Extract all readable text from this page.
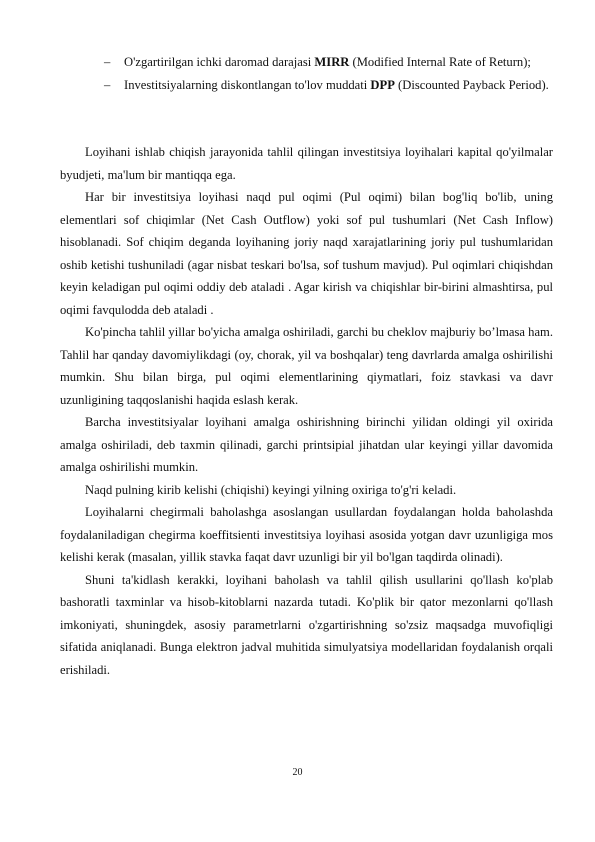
–	O'zgartirilgan ichki daromad darajasi MIRR (Modified Internal Rate of Return);
–	Investitsiyalarning diskontlangan to'lov muddati DPP (Discounted Payback Period).

Loyihani ishlab chiqish jarayonida tahlil qilingan investitsiya loyihalari kapital qo'yilmalar byudjeti, ma'lum bir mantiqqa ega.

Har bir investitsiya loyihasi naqd pul oqimi (Pul oqimi) bilan bog'liq bo'lib, uning elementlari sof chiqimlar (Net Cash Outflow) yoki sof pul tushumlari (Net Cash Inflow) hisoblanadi. Sof chiqim deganda loyihaning joriy naqd xarajatlarining joriy pul tushumlaridan oshib ketishi tushuniladi (agar nisbat teskari bo'lsa, sof tushum mavjud). Pul oqimlari chiqishdan keyin keladigan pul oqimi oddiy deb ataladi . Agar kirish va chiqishlar bir-birini almashtirsa, pul oqimi favqulodda deb ataladi .

Ko'pincha tahlil yillar bo'yicha amalga oshiriladi, garchi bu cheklov majburiy bo’lmasa ham. Tahlil har qanday davomiylikdagi (oy, chorak, yil va boshqalar) teng davrlarda amalga oshirilishi mumkin. Shu bilan birga, pul oqimi elementlarining qiymatlari, foiz stavkasi va davr uzunligining taqqoslanishi haqida eslash kerak.

Barcha investitsiyalar loyihani amalga oshirishning birinchi yilidan oldingi yil oxirida amalga oshiriladi, deb taxmin qilinadi, garchi printsipial jihatdan ular keyingi yillar davomida amalga oshirilishi mumkin.

Naqd pulning kirib kelishi (chiqishi) keyingi yilning oxiriga to'g'ri keladi.

Loyihalarni chegirmali baholashga asoslangan usullardan foydalangan holda baholashda foydalaniladigan chegirma koeffitsienti investitsiya loyihasi asosida yotgan davr uzunligiga mos kelishi kerak (masalan, yillik stavka faqat davr uzunligi bir yil bo'lgan taqdirda olinadi).

Shuni ta'kidlash kerakki, loyihani baholash va tahlil qilish usullarini qo'llash ko'plab bashoratli taxminlar va hisob-kitoblarni nazarda tutadi. Ko'plik bir qator mezonlarni qo'llash imkoniyati, shuningdek, asosiy parametrlarni o'zgartirishning so'zsiz maqsadga muvofiqligi sifatida aniqlanadi. Bunga elektron jadval muhitida simulyatsiya modellaridan foydalanish orqali erishiladi.

20
